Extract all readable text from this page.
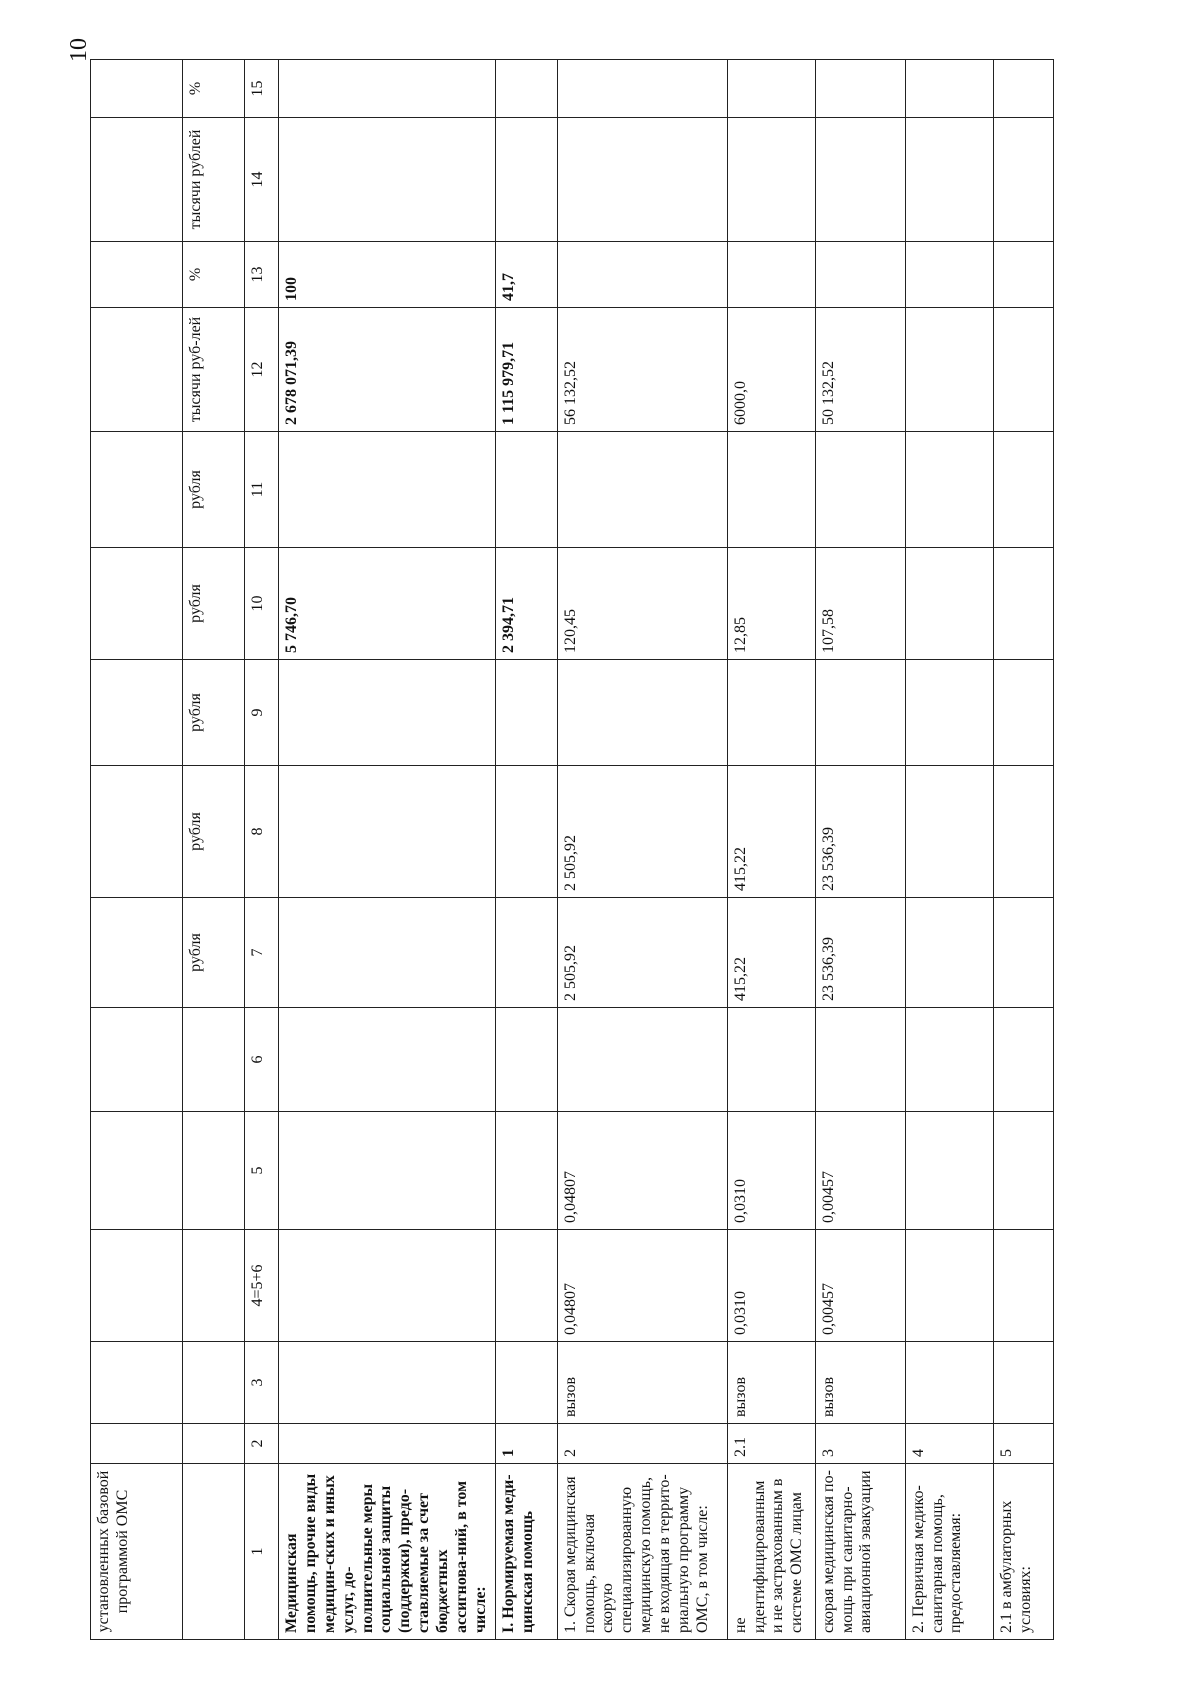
10
установленных базовой программой ОМС														
						рубля	рубля	рубля	рубля	рубля	тысячи руб-лей	%	тысячи рублей	%
1	2	3	4=5+6	5	6	7	8	9	10	11	12	13	14	15
Медицинская помощь, прочие виды медицин-ских и иных услуг, до-полнительные меры социальной защиты (поддержки), предо-ставляемые за счет бюджетных ассигнова-ний, в том числе:									5 746,70		2 678 071,39	100		
I. Нормируемая меди-цинская помощь	1								2 394,71		1 115 979,71	41,7		
1. Скорая медицинская помощь, включая скорую специализированную медицинскую помощь, не входящая в террито-риальную программу ОМС, в том числе:	2	вызов	0,04807	0,04807		2 505,92	2 505,92		120,45		56 132,52			
не идентифицированным и не застрахованным в системе ОМС лицам	2.1	вызов	0,0310	0,0310		415,22	415,22		12,85		6000,0			
скорая медицинская по-мощь при санитарно-авиационной эвакуации	3	вызов	0,00457	0,00457		23 536,39	23 536,39		107,58		50 132,52			
2. Первичная медико-санитарная помощь, предоставляемая:	4													
2.1 в амбулаторных условиях:	5													
